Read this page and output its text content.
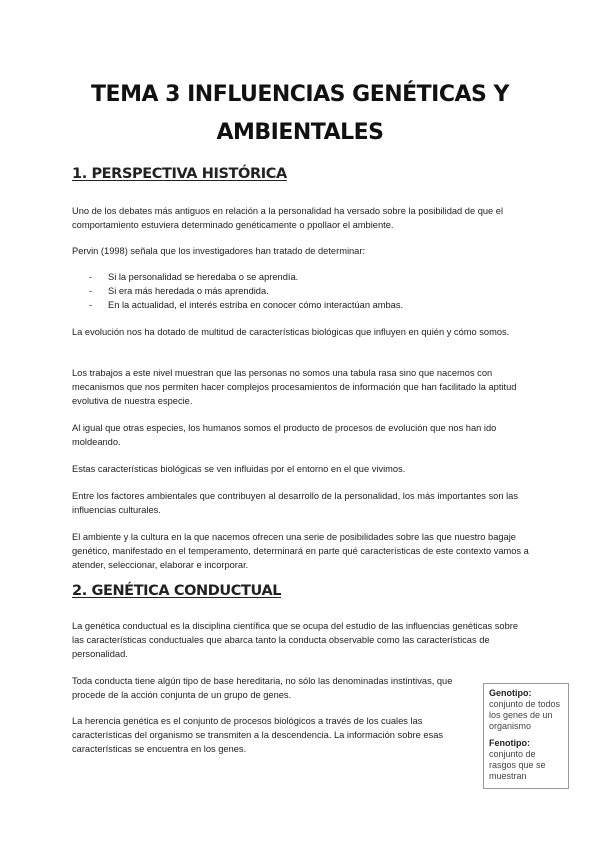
TEMA 3 INFLUENCIAS GENÉTICAS Y AMBIENTALES
1. PERSPECTIVA HISTÓRICA

Uno de los debates más antiguos en relación a la personalidad ha versado sobre la posibilidad de que el comportamiento estuviera determinado genéticamente o ppollaor el ambiente.

Pervin (1998) señala que los investigadores han tratado de determinar:

- Si la personalidad se heredaba o se aprendía.
- Si era más heredada o más aprendida.
- En la actualidad, el interés estriba en conocer cómo interactúan ambas.

La evolución nos ha dotado de multitud de características biológicas que influyen en quién y cómo somos.

Los trabajos a este nivel muestran que las personas no somos una tabula rasa sino que nacemos con mecanismos que nos permiten hacer complejos procesamientos de información que han facilitado la aptitud evolutiva de nuestra especie.

Al igual que otras especies, los humanos somos el producto de procesos de evolución que nos han ido moldeando.

Estas características biológicas se ven influidas por el entorno en el que vivimos.

Entre los factores ambientales que contribuyen al desarrollo de la personalidad, los más importantes son las influencias culturales.

El ambiente y la cultura en la que nacemos ofrecen una serie de posibilidades sobre las que nuestro bagaje genético, manifestado en el temperamento, determinará en parte qué características de este contexto vamos a atender, seleccionar, elaborar e incorporar.

2. GENÉTICA CONDUCTUAL

La genética conductual es la disciplina científica que se ocupa del estudio de las influencias genéticas sobre las características conductuales que abarca tanto la conducta observable como las características de personalidad.

Toda conducta tiene algún tipo de base hereditaria, no sólo las denominadas instintivas, que procede de la acción conjunta de un grupo de genes.

La herencia genética es el conjunto de procesos biológicos a través de los cuales las características del organismo se transmiten a la descendencia. La información sobre esas características se encuentra en los genes.

Genotipo:
conjunto de todos los genes de un organismo
Fenotipo:
conjunto de rasgos que se muestran
